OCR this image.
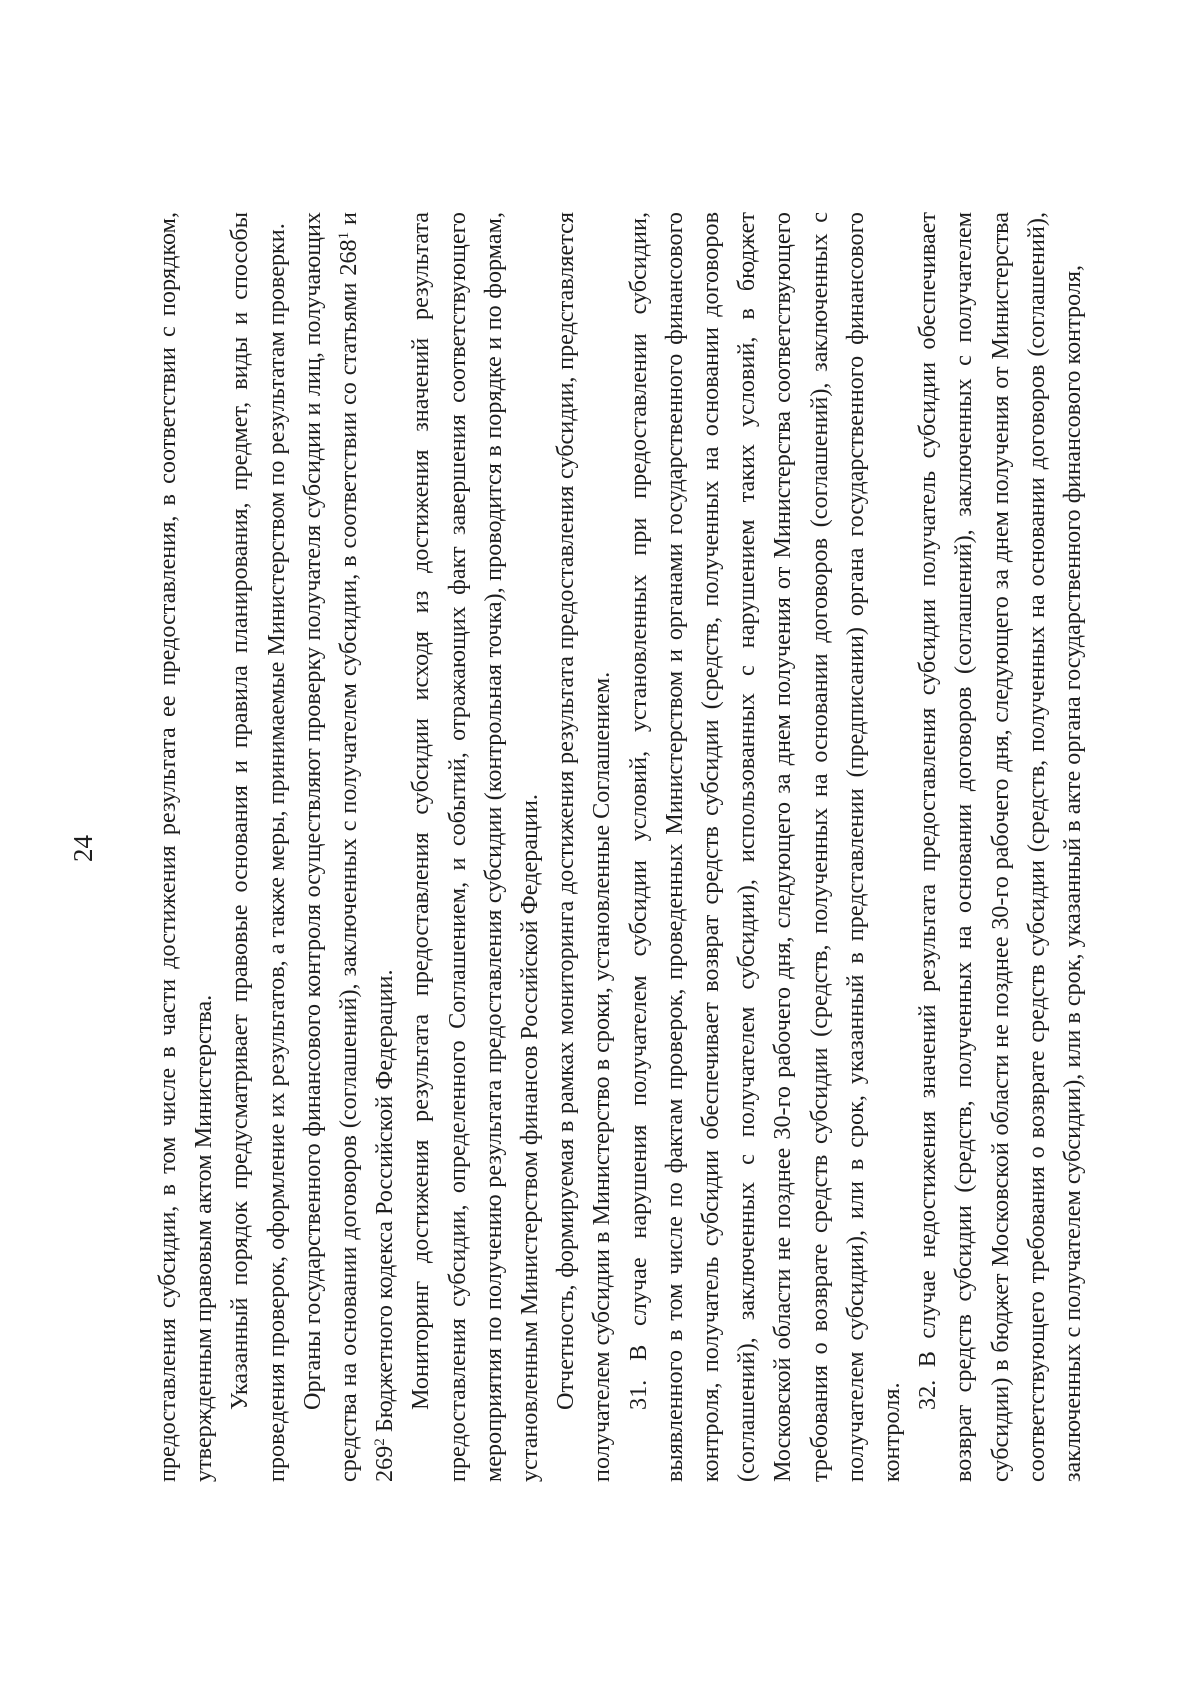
24 предоставления субсидии, в том числе в части достижения результата ее предоставления, в соответствии с порядком, утвержденным правовым актом Министерства. Указанный порядок предусматривает правовые основания и правила планирования, предмет, виды и способы проведения проверок, оформление их результатов, а также меры, принимаемые Министерством по результатам проверки. Органы государственного финансового контроля осуществляют проверку получателя субсидии и лиц, получающих средства на основании договоров (соглашений), заключенных с получателем субсидии, в соответствии со статьями $268^1$ и $269^2$ Бюджетного кодекса Российской Федерации. Мониторинг достижения результата предоставления субсидии исходя из достижения значений результата предоставления субсидии, определенного Соглашением, и событий, отражающих факт завершения соответствующего мероприятия по получению результата предоставления субсидии (контрольная точка), проводится в порядке и по формам, установленным Министерством финансов Российской Федерации. Отчетность, формируемая в рамках мониторинга достижения результата предоставления субсидии, представляется получателем субсидии в Министерство в сроки, установленные Соглашением. 31. В случае нарушения получателем субсидии условий, установленных при предоставлении субсидии, выявленного в том числе по фактам проверок, проведенных Министерством и органами государственного финансового контроля, получатель субсидии обеспечивает возврат средств субсидии (средств, полученных на основании договоров (соглашений), заключенных с получателем субсидии), использованных с нарушением таких условий, в бюджет Московской области не позднее 30-го рабочего дня, следующего за днем получения от Министерства соответствующего требования о возврате средств субсидии (средств, полученных на основании договоров (соглашений), заключенных с получателем субсидии), или в срок, указанный в представлении (предписании) органа государственного финансового контроля.

32. В случае недостижения значений результата предоставления субсидии получатель субсидии обеспечивает возврат средств субсидии (средств, полученных на основании договоров (соглашений), заключенных с получателем субсидии) в бюджет Московской области не позднее 30-го рабочего дня, следующего за днем получения от Министерства соответствующего требования о возврате средств субсидии (средств, полученных на основании договоров (соглашений), заключенных с получателем субсидии), или в срок, указанный в акте органа государственного финансового контроля,
